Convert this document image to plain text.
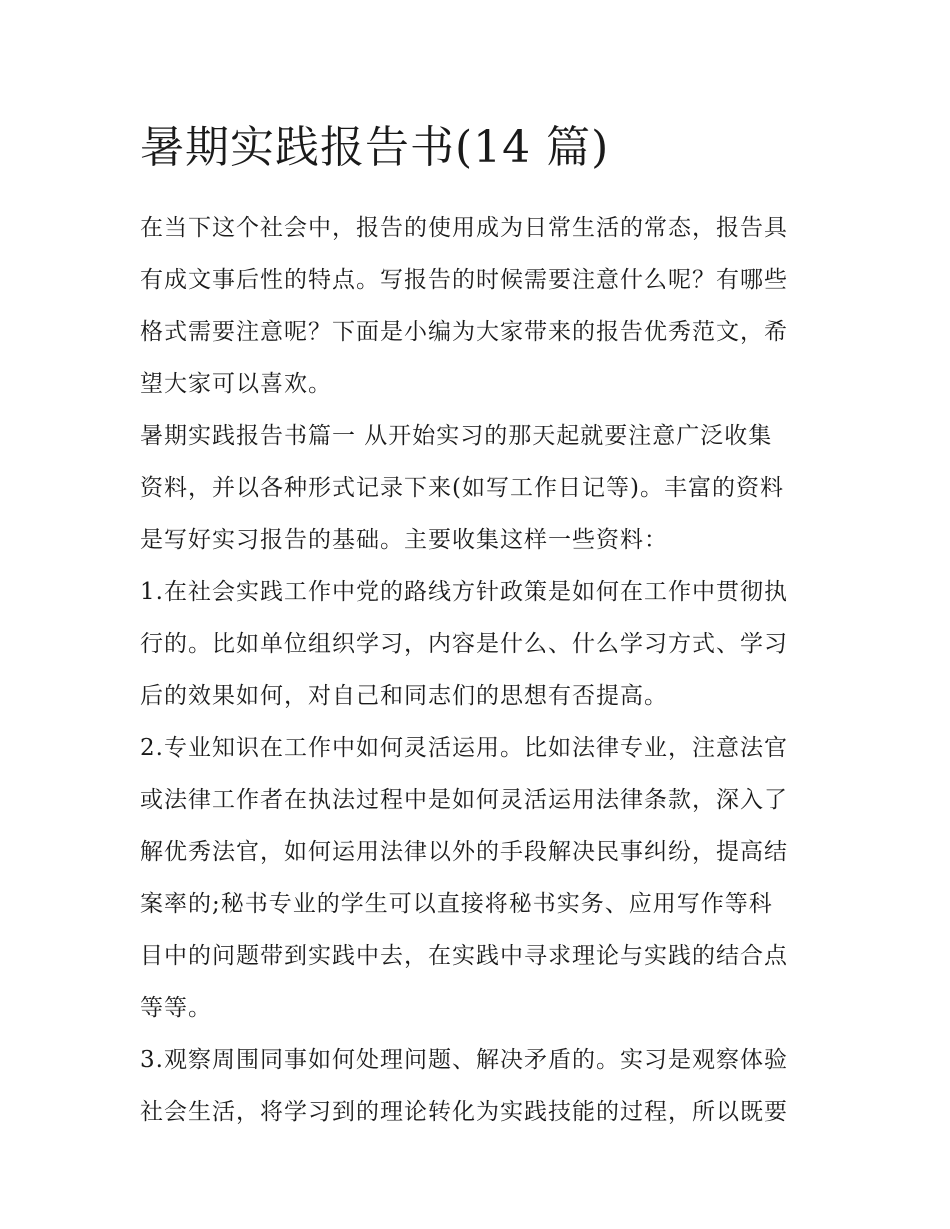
暑期实践报告书(14 篇)

在当下这个社会中，报告的使用成为日常生活的常态，报告具
有成文事后性的特点。写报告的时候需要注意什么呢？有哪些
格式需要注意呢？下面是小编为大家带来的报告优秀范文，希
望大家可以喜欢。

暑期实践报告书篇一 从开始实习的那天起就要注意广泛收集
资料，并以各种形式记录下来(如写工作日记等)。丰富的资料
是写好实习报告的基础。主要收集这样一些资料：

1.在社会实践工作中党的路线方针政策是如何在工作中贯彻执
行的。比如单位组织学习，内容是什么、什么学习方式、学习
后的效果如何，对自己和同志们的思想有否提高。

2.专业知识在工作中如何灵活运用。比如法律专业，注意法官
或法律工作者在执法过程中是如何灵活运用法律条款，深入了
解优秀法官，如何运用法律以外的手段解决民事纠纷，提高结
案率的;秘书专业的学生可以直接将秘书实务、应用写作等科
目中的问题带到实践中去，在实践中寻求理论与实践的结合点
等等。

3.观察周围同事如何处理问题、解决矛盾的。实习是观察体验
社会生活，将学习到的理论转化为实践技能的过程，所以既要
